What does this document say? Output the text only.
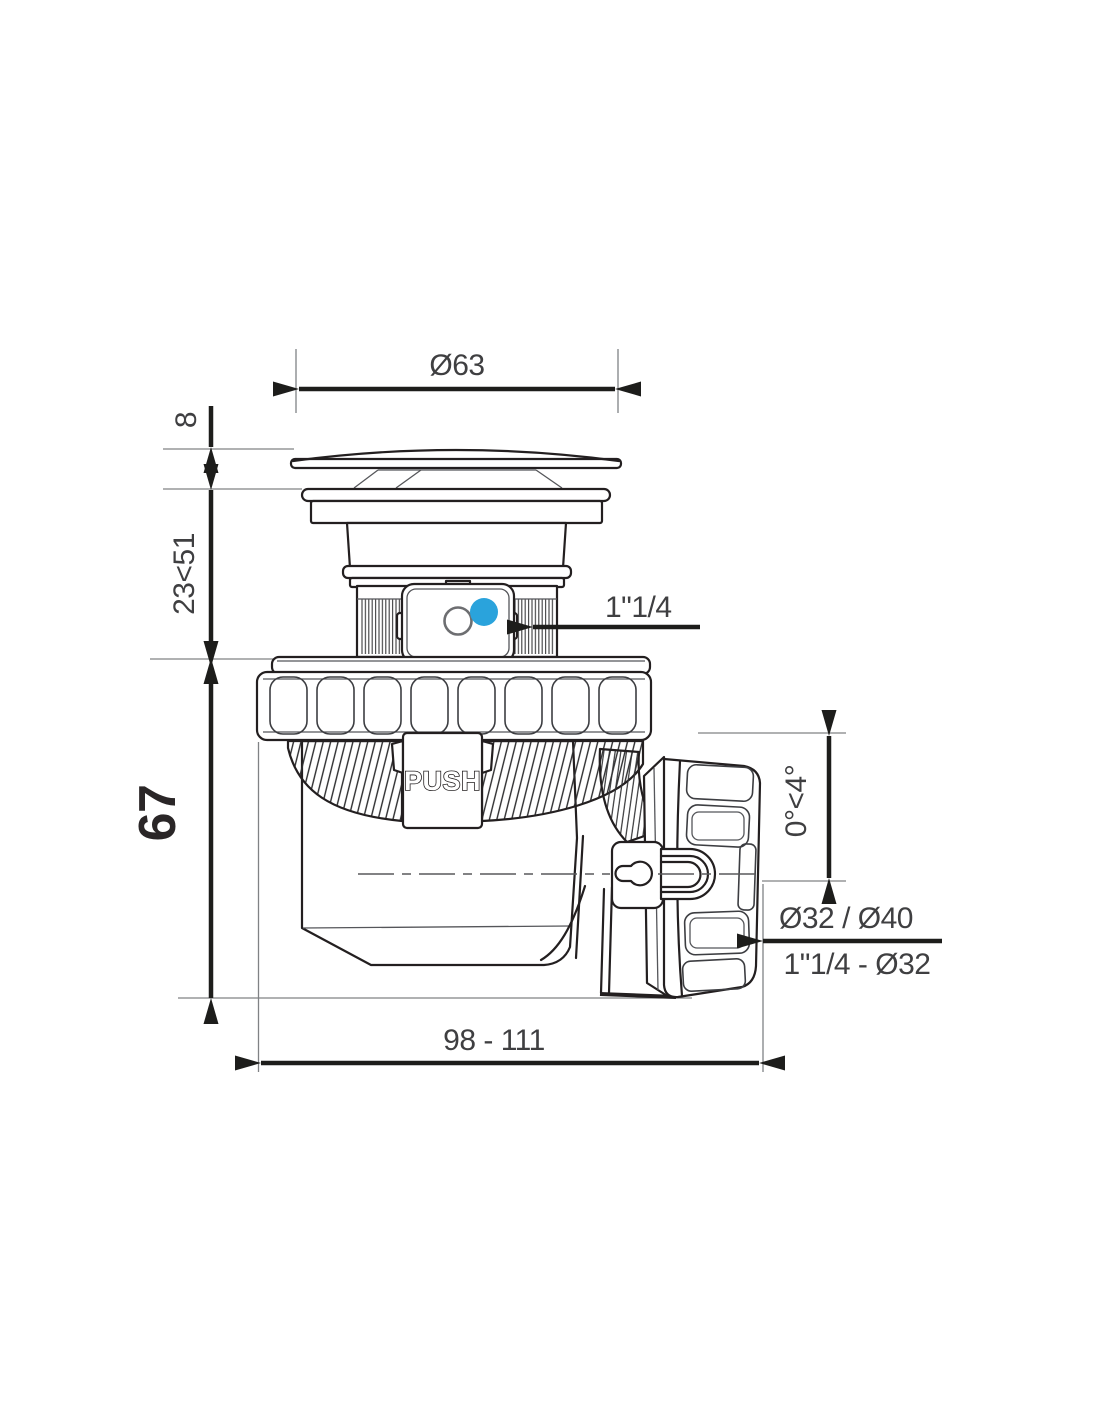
PUSH
Ø63
8
23<51
67
1"1/4
0°<4°
Ø32 / Ø40
1"1/4 - Ø32
98 - 111
